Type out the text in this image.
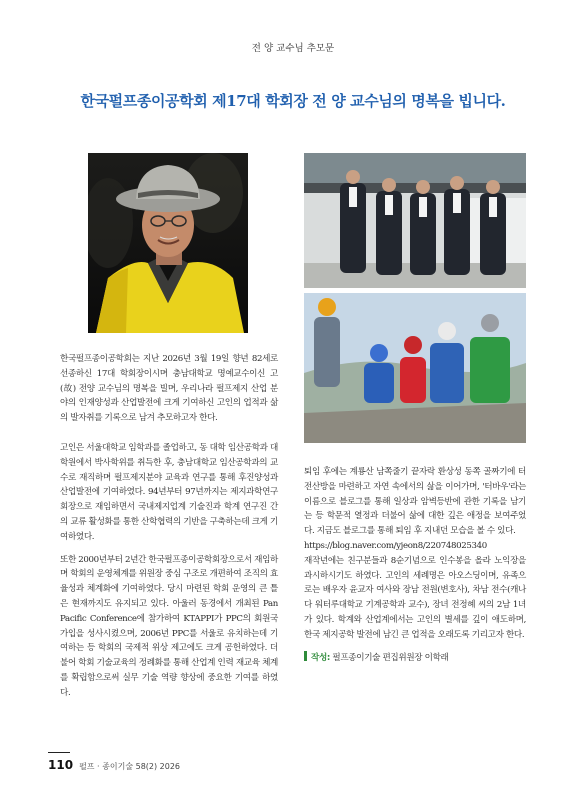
전 양 교수님 추모문
한국펄프종이공학회 제17대 학회장 전 양 교수님의 명복을 빕니다.

한국펄프종이공학회는 지난 2026년 3월 19일 향년 82세로 선종하신 17대 학회장이시며 충남대학교 명예교수이신 고(故) 전양 교수님의 명복을 빌며, 우리나라 펄프제지 산업 분야의 인재양성과 산업발전에 크게 기여하신 고인의 업적과 삶의 발자취를 기록으로 남겨 추모하고자 한다.

고인은 서울대학교 임학과를 졸업하고, 동 대학 임산공학과 대학원에서 박사학위를 취득한 후, 충남대학교 임산공학과의 교수로 재직하며 펄프제지분야 교육과 연구를 통해 후진양성과 산업발전에 기여하였다. 94년부터 97년까지는 제지과학연구회장으로 재임하면서 국내제지업계 기술진과 학계 연구진 간의 교류 활성화를 통한 산학협력의 기반을 구축하는데 크게 기여하였다.

또한 2000년부터 2년간 한국펄프종이공학회장으로서 재임하며 학회의 운영체계를 위원장 중심 구조로 개편하여 조직의 효율성과 체계화에 기여하였다. 당시 마련된 학회 운영의 큰 틀은 현재까지도 유지되고 있다. 아울러 동경에서 개최된 Pan Pacific Conference에 참가하여 KTAPPI가 PPC의 회원국 가입을 성사시켰으며, 2006년 PPC를 서울로 유치하는데 기여하는 등 학회의 국제적 위상 제고에도 크게 공헌하였다. 더불어 학회 기술교육의 정례화를 통해 산업계 인력 재교육 체계를 확립함으로써 실무 기술 역량 향상에 중요한 기여를 하였다.

퇴임 후에는 계룡산 남쪽줄기 끝자락 환상성 동쪽 골짜기에 터전산방을 마련하고 자연 속에서의 삶을 이어가며, '터바우'라는 이름으로 블로그를 통해 일상과 암벽등반에 관한 기록을 남기는 등 학문적 열정과 더불어 삶에 대한 깊은 애정을 보여주었다. 지금도 블로그를 통해 퇴임 후 지내던 모습을 볼 수 있다.

https://blog.naver.com/yjeon8/220748025340

재작년에는 친구분들과 8순기념으로 인수봉을 올라 노익장을 과시하시기도 하였다. 고인의 세례명은 아오스딩이며, 유족으로는 배우자 윤교자 여사와 장남 전원(변호사), 차남 전수(캐나다 워터루대학교 기계공학과 교수), 장녀 전정혜 씨의 2남 1녀가 있다. 학계와 산업계에서는 고인의 별세를 깊이 애도하며, 한국 제지공학 발전에 남긴 큰 업적을 오래도록 기리고자 한다.

작성: 펄프종이기술 편집위원장 이학래
110 펄프 · 종이기술 58(2) 2026
